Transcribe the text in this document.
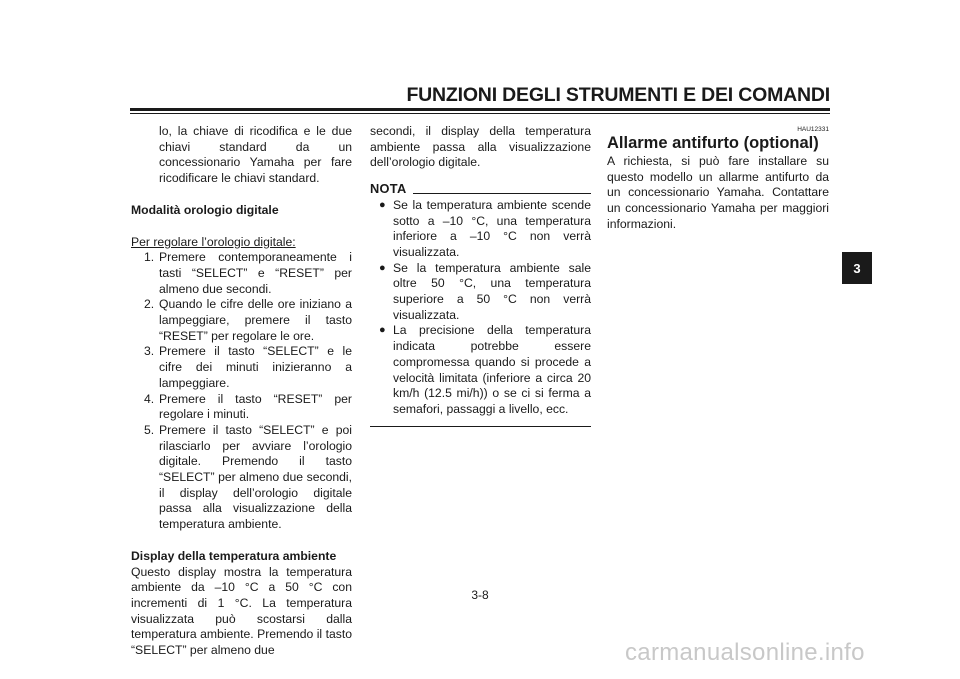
FUNZIONI DEGLI STRUMENTI E DEI COMANDI
3

lo, la chiave di ricodifica e le due chiavi standard da un concessionario Yamaha per fare ricodificare le chiavi standard.

Modalità orologio digitale

Per regolare l’orologio digitale:

1. Premere contemporaneamente i tasti “SELECT” e “RESET” per almeno due secondi.
2. Quando le cifre delle ore iniziano a lampeggiare, premere il tasto “RESET” per regolare le ore.
3. Premere il tasto “SELECT” e le cifre dei minuti inizieranno a lampeggiare.
4. Premere il tasto “RESET” per regolare i minuti.
5. Premere il tasto “SELECT” e poi rilasciarlo per avviare l’orologio digitale. Premendo il tasto “SELECT” per almeno due secondi, il display dell’orologio digitale passa alla visualizzazione della temperatura ambiente.

Display della temperatura ambiente

Questo display mostra la temperatura ambiente da –10 °C a 50 °C con incrementi di 1 °C. La temperatura visualizzata può scostarsi dalla temperatura ambiente. Premendo il tasto “SELECT” per almeno due

secondi, il display della temperatura ambiente passa alla visualizzazione dell’orologio digitale.

NOTA
● Se la temperatura ambiente scende sotto a –10 °C, una temperatura inferiore a –10 °C non verrà visualizzata.
● Se la temperatura ambiente sale oltre 50 °C, una temperatura superiore a 50 °C non verrà visualizzata.
● La precisione della temperatura indicata potrebbe essere compromessa quando si procede a velocità limitata (inferiore a circa 20 km/h (12.5 mi/h)) o se ci si ferma a semafori, passaggi a livello, ecc.
HAU12331
Allarme antifurto (optional)

A richiesta, si può fare installare su questo modello un allarme antifurto da un concessionario Yamaha. Contattare un concessionario Yamaha per maggiori informazioni.

3-8
carmanualsonline.info
